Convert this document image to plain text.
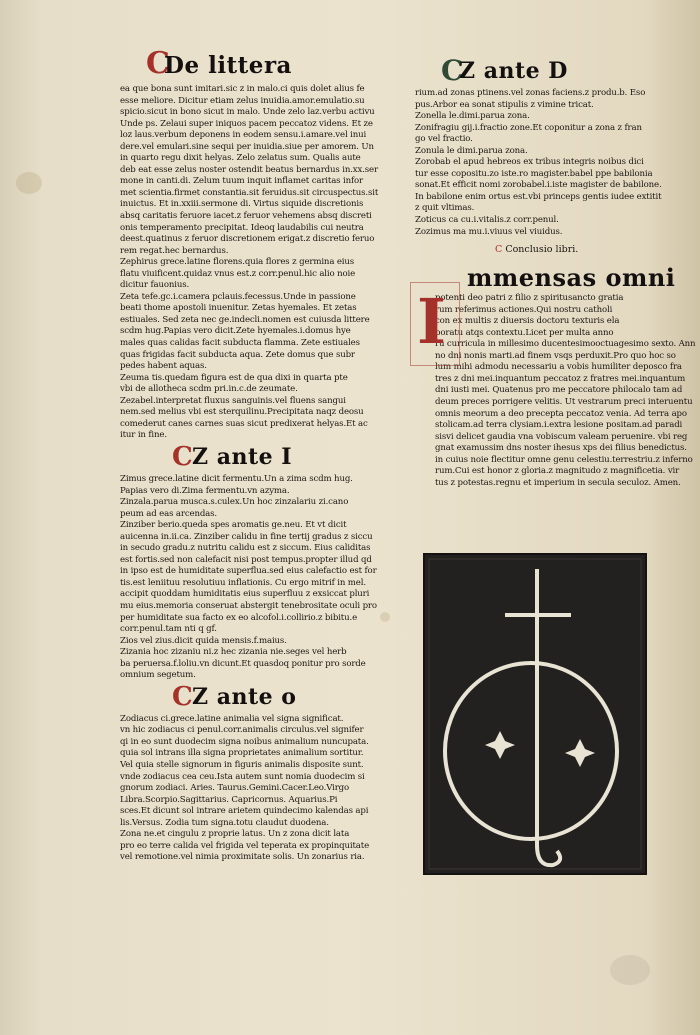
C
De littera
ea que bona sunt imitari.sic z in malo.ci quis dolet alius fe
esse meliore. Dicitur etiam zelus inuidia.amor.emulatio.su
spicio.sicut in bono sicut in malo. Unde zelo laz.verbu activu
Unde ps. Zelaui super iniquos pacem peccatoz videns. Et ze
loz laus.verbum deponens in eodem sensu.i.amare.vel inui
dere.vel emulari.sine sequi per inuidia.siue per amorem. Un
in quarto regu dixit helyas. Zelo zelatus sum. Qualis aute
deb eat esse zelus noster ostendit beatus bernardus in.xx.ser
mone in canti.di. Zelum tuum inquit inflamet caritas infor
met scientia.firmet constantia.sit feruidus.sit circuspectus.sit
inuictus. Et in.xxiii.sermone di. Virtus siquide discretionis
absq caritatis feruore iacet.z feruor vehemens absq discreti
onis temperamento precipitat. Ideoq laudabilis cui neutra
deest.quatinus z feruor discretionem erigat.z discretio feruo
rem regat.hec bernardus.
Zephirus grece.latine florens.quia flores z germina eius
flatu viuificent.quidaz vnus est.z corr.penul.hic alio noie
dicitur fauonius.
Zeta tefe.gc.i.camera pclauis.fecessus.Unde in passione
beati thome apostoli inuenitur. Zetas hyemales. Et zetas
estiuales. Sed zeta nec ge.indecli.nomen est cuiusda littere
scdm hug.Papias vero dicit.Zete hyemales.i.domus hye
males quas calidas facit subducta flamma. Zete estiuales
quas frigidas facit subducta aqua. Zete domus que subr
pedes habent aquas.
Zeuma tis.quedam figura est de qua dixi in quarta pte
vbi de allotheca scdm pri.in.c.de zeumate.
Zezabel.interpretat fluxus sanguinis.vel fluens sangui
nem.sed melius vbi est sterquilinu.Precipitata naqz deosu
comederut canes carnes suas sicut predixerat helyas.Et ac
itur in fine.
C
Z ante I
Zimus grece.latine dicit fermentu.Un a zima scdm hug.
Papias vero di.Zima fermentu.vn azyma.
Zinzala.parua musca.s.culex.Un hoc zinzalariu zi.cano
peum ad eas arcendas.
Zinziber berio.queda spes aromatis ge.neu. Et vt dicit
auicenna in.ii.ca. Zinziber calidu in fine tertij gradus z siccu
in secudo gradu.z nutritu calidu est z siccum. Eius caliditas
est fortis.sed non calefacit nisi post tempus.propter illud qd
in ipso est de humiditate superflua.sed eius calefactio est for
tis.est leniituu resolutiuu inflationis. Cu ergo mitrif in mel.
accipit quoddam humiditatis eius superfluu z exsiccat pluri
mu eius.memoria conseruat abstergit tenebrositate oculi pro
per humiditate sua facto ex eo alcofol.i.collirio.z bibitu.e
corr.penul.tam nti q gf.
Zios vel zius.dicit quida mensis.f.maius.
Zizania hoc zizaniu ni.z hec zizania nie.seges vel herb
ba peruersa.f.loliu.vn dicunt.Et quasdoq ponitur pro sorde
omnium segetum.
C
Z ante o
Zodiacus ci.grece.latine animalia vel signa significat.
vn hic zodiacus ci penul.corr.animalis circulus.vel signifer
qi in eo sunt duodecim signa noibus animalium nuncupata.
quia sol intrans illa signa proprietates animalium sortitur.
Vel quia stelle signorum in figuris animalis disposite sunt.
vnde zodiacus cea ceu.Ista autem sunt nomia duodecim si
gnorum zodiaci. Aries. Taurus.Gemini.Cacer.Leo.Virgo
Libra.Scorpio.Sagittarius. Capricornus. Aquarius.Pi
sces.Et dicunt sol intrare arietem quindecimo kalendas api
lis.Versus. Zodia tum signa.totu claudut duodena.
Zona ne.et cingulu z proprie latus. Un z zona dicit lata
pro eo terre calida vel frigida vel teperata ex propinquitate
vel remotione.vel nimia proximitate solis. Un zonarius ria.
C
Z ante D
rium.ad zonas ptinens.vel zonas faciens.z produ.b. Eso
pus.Arbor ea sonat stipulis z vimine tricat.
Zonella le.dimi.parua zona.
Zonifragiu gij.i.fractio zone.Et coponitur a zona z fran
go vel fractio.
Zonula le dimi.parua zona.
Zorobab el apud hebreos ex tribus integris noibus dici
tur esse copositu.zo iste.ro magister.babel ppe babilonia
sonat.Et efficit nomi zorobabel.i.iste magister de babilone.
In babilone enim ortus est.vbi princeps gentis iudee extitit
z quit vltimas.
Zoticus ca cu.i.vitalis.z corr.penul.
Zozimus ma mu.i.viuus vel viuidus.
C Conclusio libri.
mmensas omni
potenti deo patri z filio z spiritusancto gratia
rum referimus actiones.Qui nostru catholi
con ex multis z diuersis doctoru texturis ela
boratu atqs contextu.Licet per multa anno
ru curricula in millesimo ducentesimooctuagesimo sexto. Ann
no dni nonis marti.ad finem vsqs perduxit.Pro quo hoc so
lum mihi admodu necessariu a vobis humiliter deposco fra
tres z dni mei.inquantum peccatoz z fratres mei.inquantum
dni iusti mei. Quatenus pro me peccatore philocalo tam ad
deum preces porrigere velitis. Ut vestrarum preci interuentu
omnis meorum a deo precepta peccatoz venia. Ad terra apo
stolicam.ad terra clysiam.i.extra lesione positam.ad paradi
sisvi delicet gaudia vna vobiscum valeam peruenire. vbi reg
gnat examussim dns noster ihesus xps dei filius benedictus.
in cuius noie flectitur omne genu celestiu.terrestriu.z inferno
rum.Cui est honor z gloria.z magnitudo z magnificetia. vir
tus z potestas.regnu et imperium in secula seculoz. Amen.
I
